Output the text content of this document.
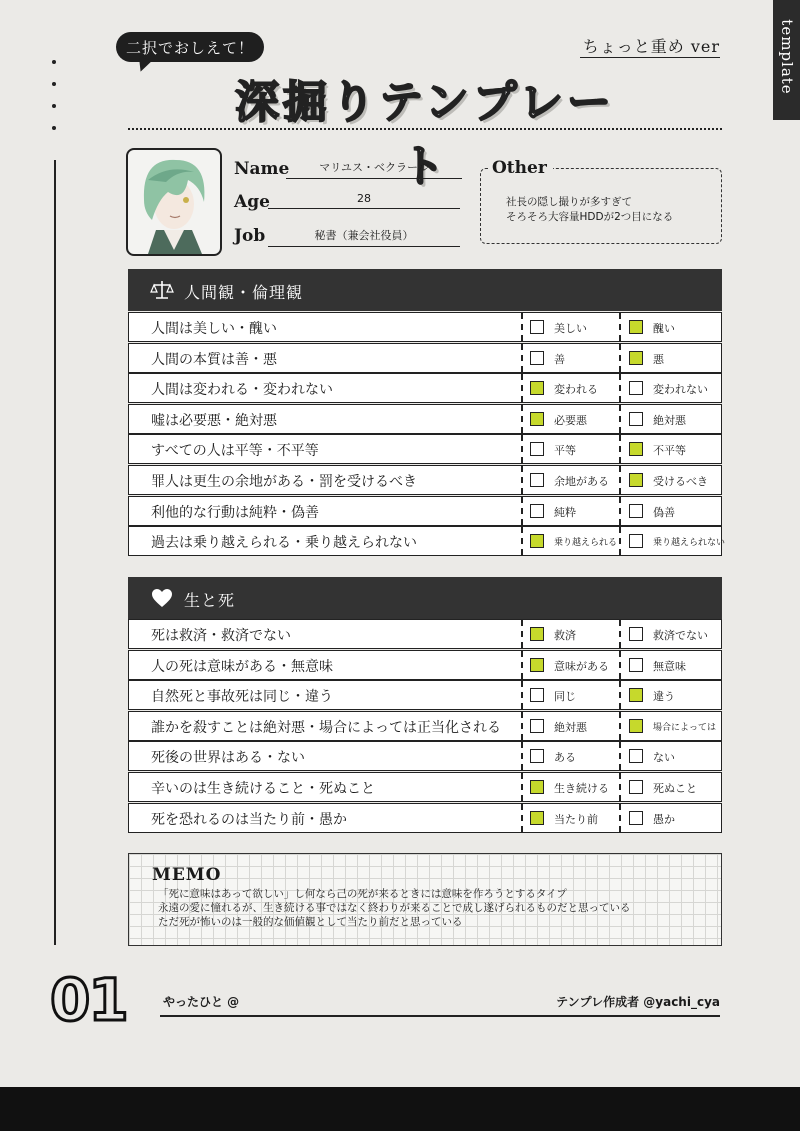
二択でおしえて！
深掘りテンプレート
ちょっと重め ver	template
Name	マリユス・ベクラール
Age	28
Job	秘書（兼会社役員）
Other
社長の隠し撮りが多すぎて
そろそろ大容量HDDが2つ目になる
人間観・倫理観
人間は美しい・醜い	美しい	醜い
人間の本質は善・悪	善	悪
人間は変われる・変われない	変われる	変われない
嘘は必要悪・絶対悪	必要悪	絶対悪
すべての人は平等・不平等	平等	不平等
罪人は更生の余地がある・罰を受けるべき	余地がある	受けるべき
利他的な行動は純粋・偽善	純粋	偽善
過去は乗り越えられる・乗り越えられない	乗り越えられる	乗り越えられない
生と死
死は救済・救済でない	救済	救済でない
人の死は意味がある・無意味	意味がある	無意味
自然死と事故死は同じ・違う	同じ	違う
誰かを殺すことは絶対悪・場合によっては正当化される	絶対悪	場合によっては
死後の世界はある・ない	ある	ない
辛いのは生き続けること・死ぬこと	生き続ける	死ぬこと
死を恐れるのは当たり前・愚か	当たり前	愚か
MEMO
「死に意味はあって欲しい」し何なら己の死が来るときには意味を作ろうとするタイプ
永遠の愛に憧れるが、生き続ける事ではなく終わりが来ることで成し遂げられるものだと思っている
ただ死が怖いのは一般的な価値観として当たり前だと思っている
01	やったひと @	テンプレ作成者 @yachi_cya
